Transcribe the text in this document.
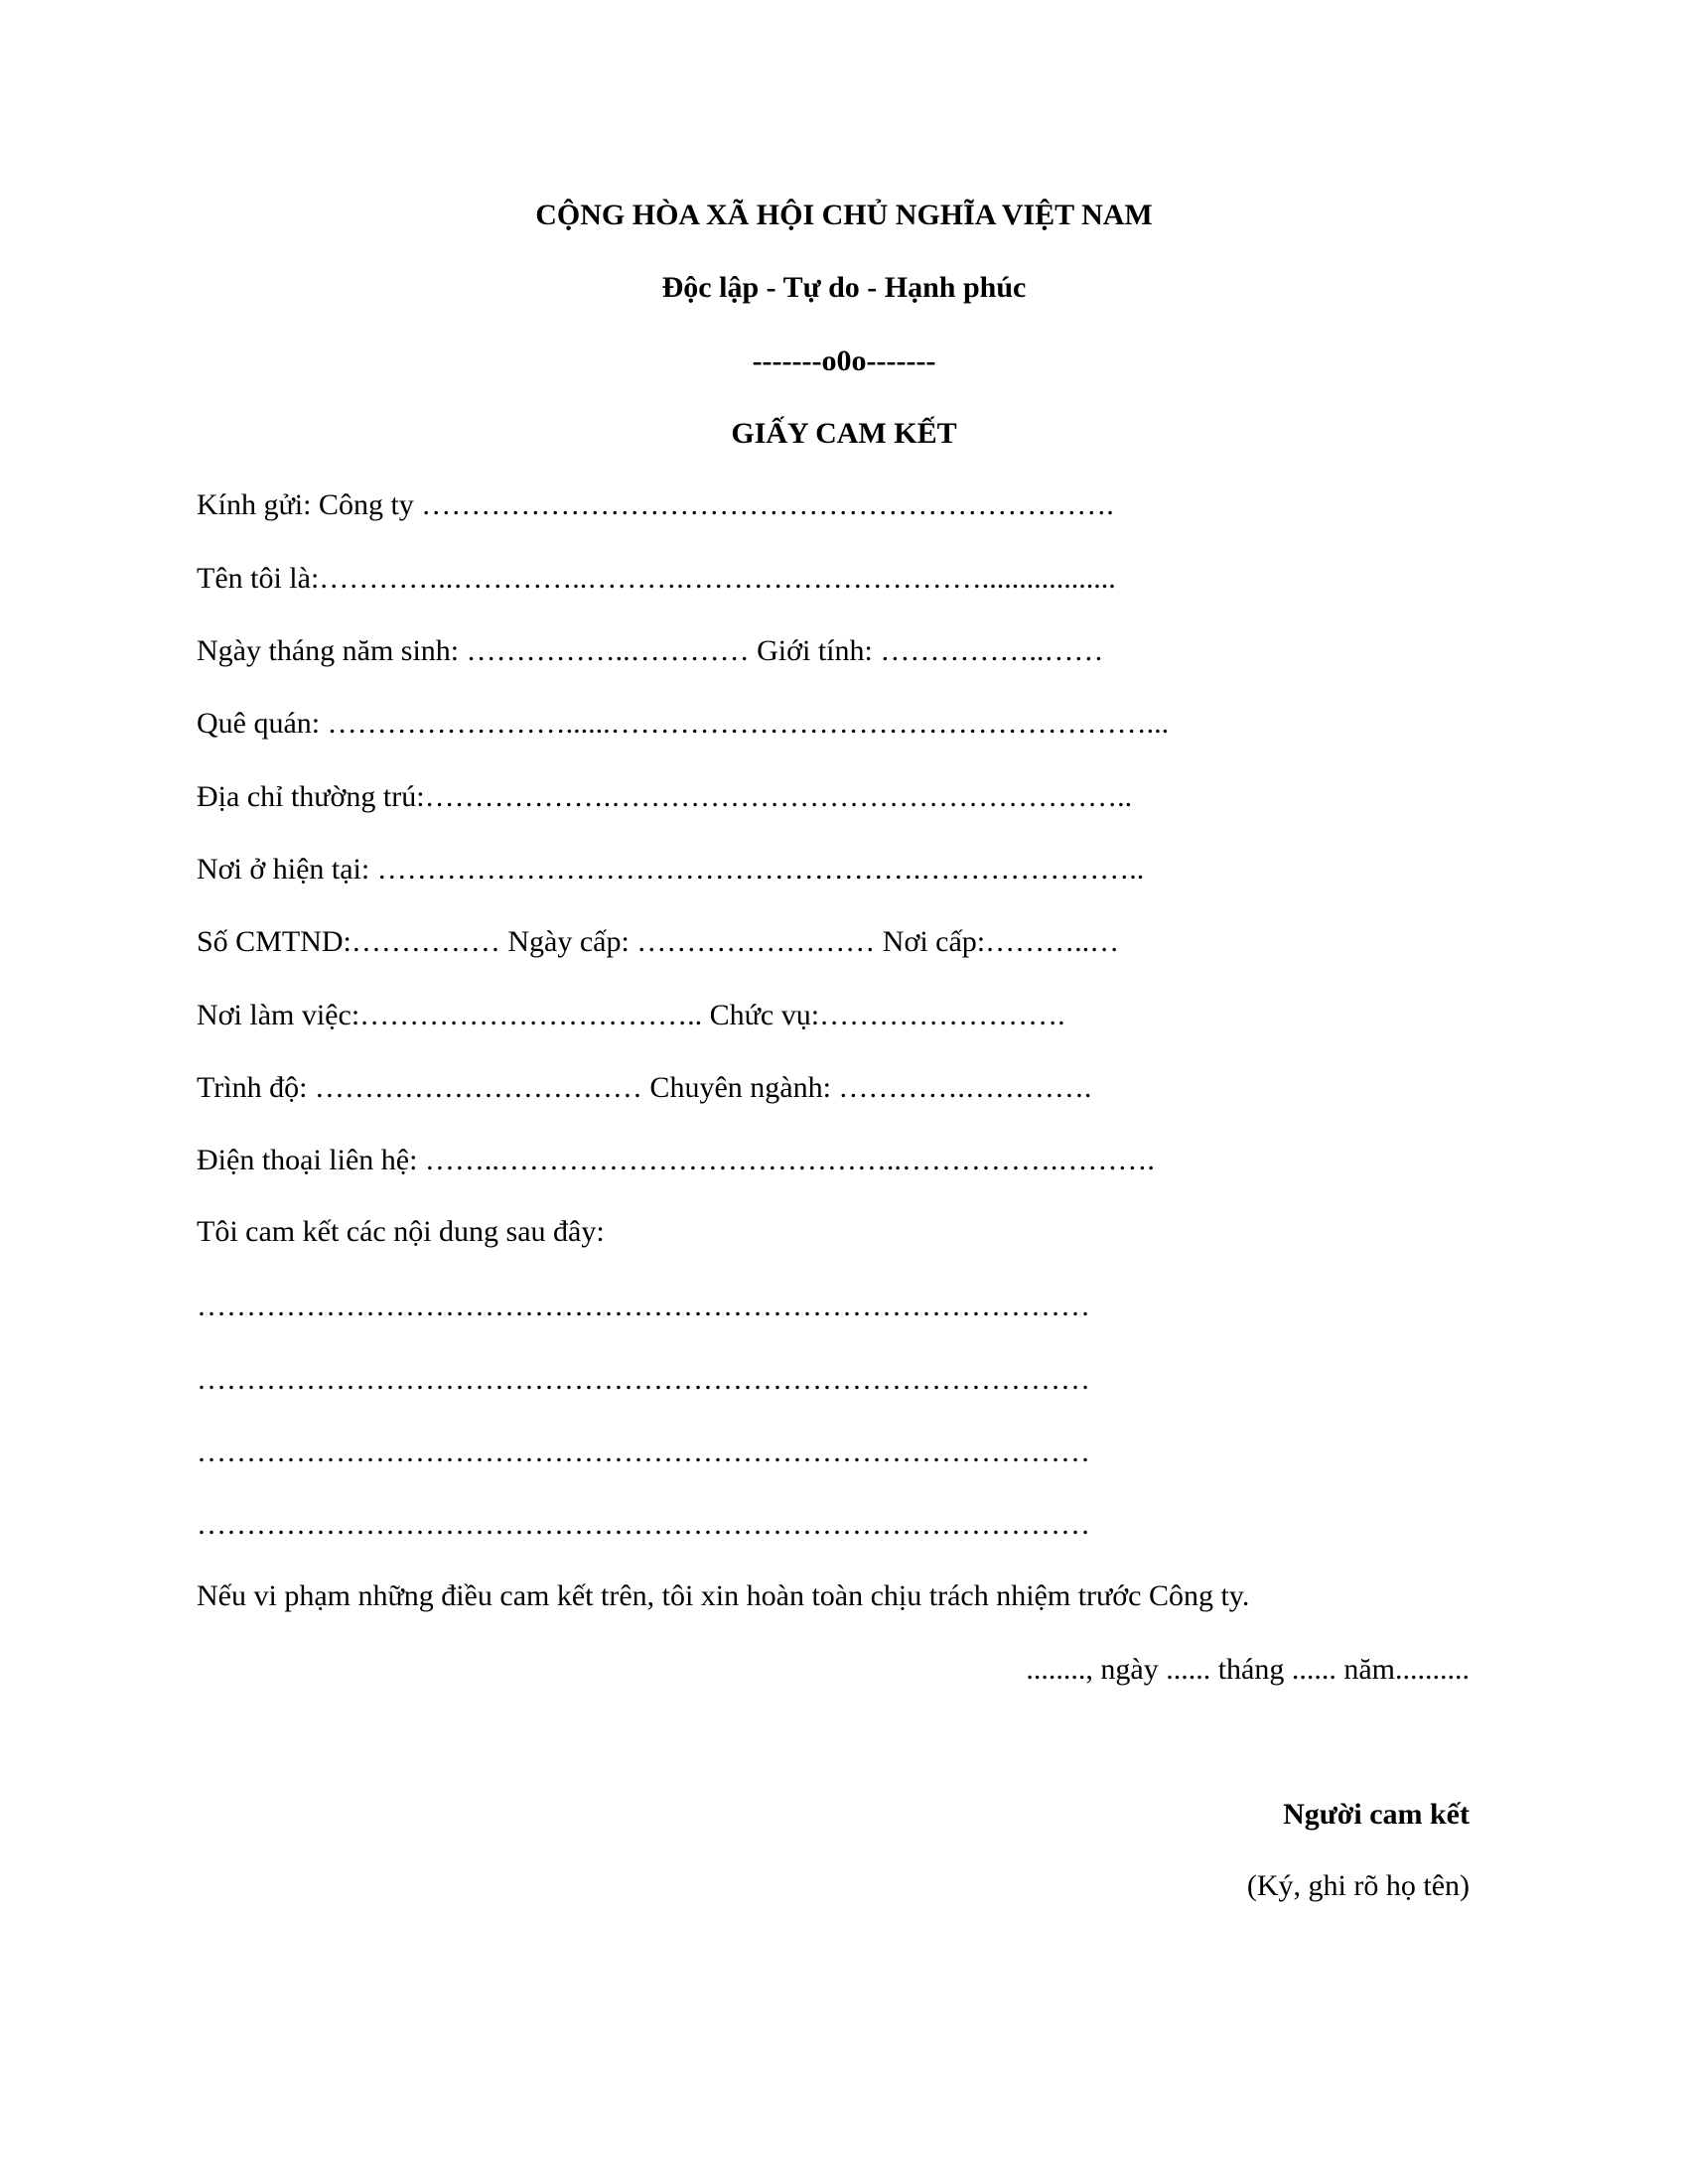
CỘNG HÒA XÃ HỘI CHỦ NGHĨA VIỆT NAM
Độc lập - Tự do - Hạnh phúc
-------o0o-------
GIẤY CAM KẾT
Kính gửi: Công ty …………………………………………………………….
Tên tôi là:…………..…………..……….…………………………..................
Ngày tháng năm sinh: ……………..………… Giới tính: ……………..……
Quê quán: ……………………......………………………………………………...
Địa chỉ thường trú:……………….……………………………………………..
Nơi ở hiện tại: ……………………………………………….…………………..
Số CMTND:…………… Ngày cấp: …………………… Nơi cấp:………..…
Nơi làm việc:…………………………….. Chức vụ:…………………….
Trình độ: …………………………… Chuyên ngành: ………….………….
Điện thoại liên hệ: ……..…………………………………..…………….……….
Tôi cam kết các nội dung sau đây:
………………………………………………………………………………
………………………………………………………………………………
………………………………………………………………………………
………………………………………………………………………………
Nếu vi phạm những điều cam kết trên, tôi xin hoàn toàn chịu trách nhiệm trước Công ty.
........, ngày ...... tháng ...... năm..........
Người cam kết
(Ký, ghi rõ họ tên)
